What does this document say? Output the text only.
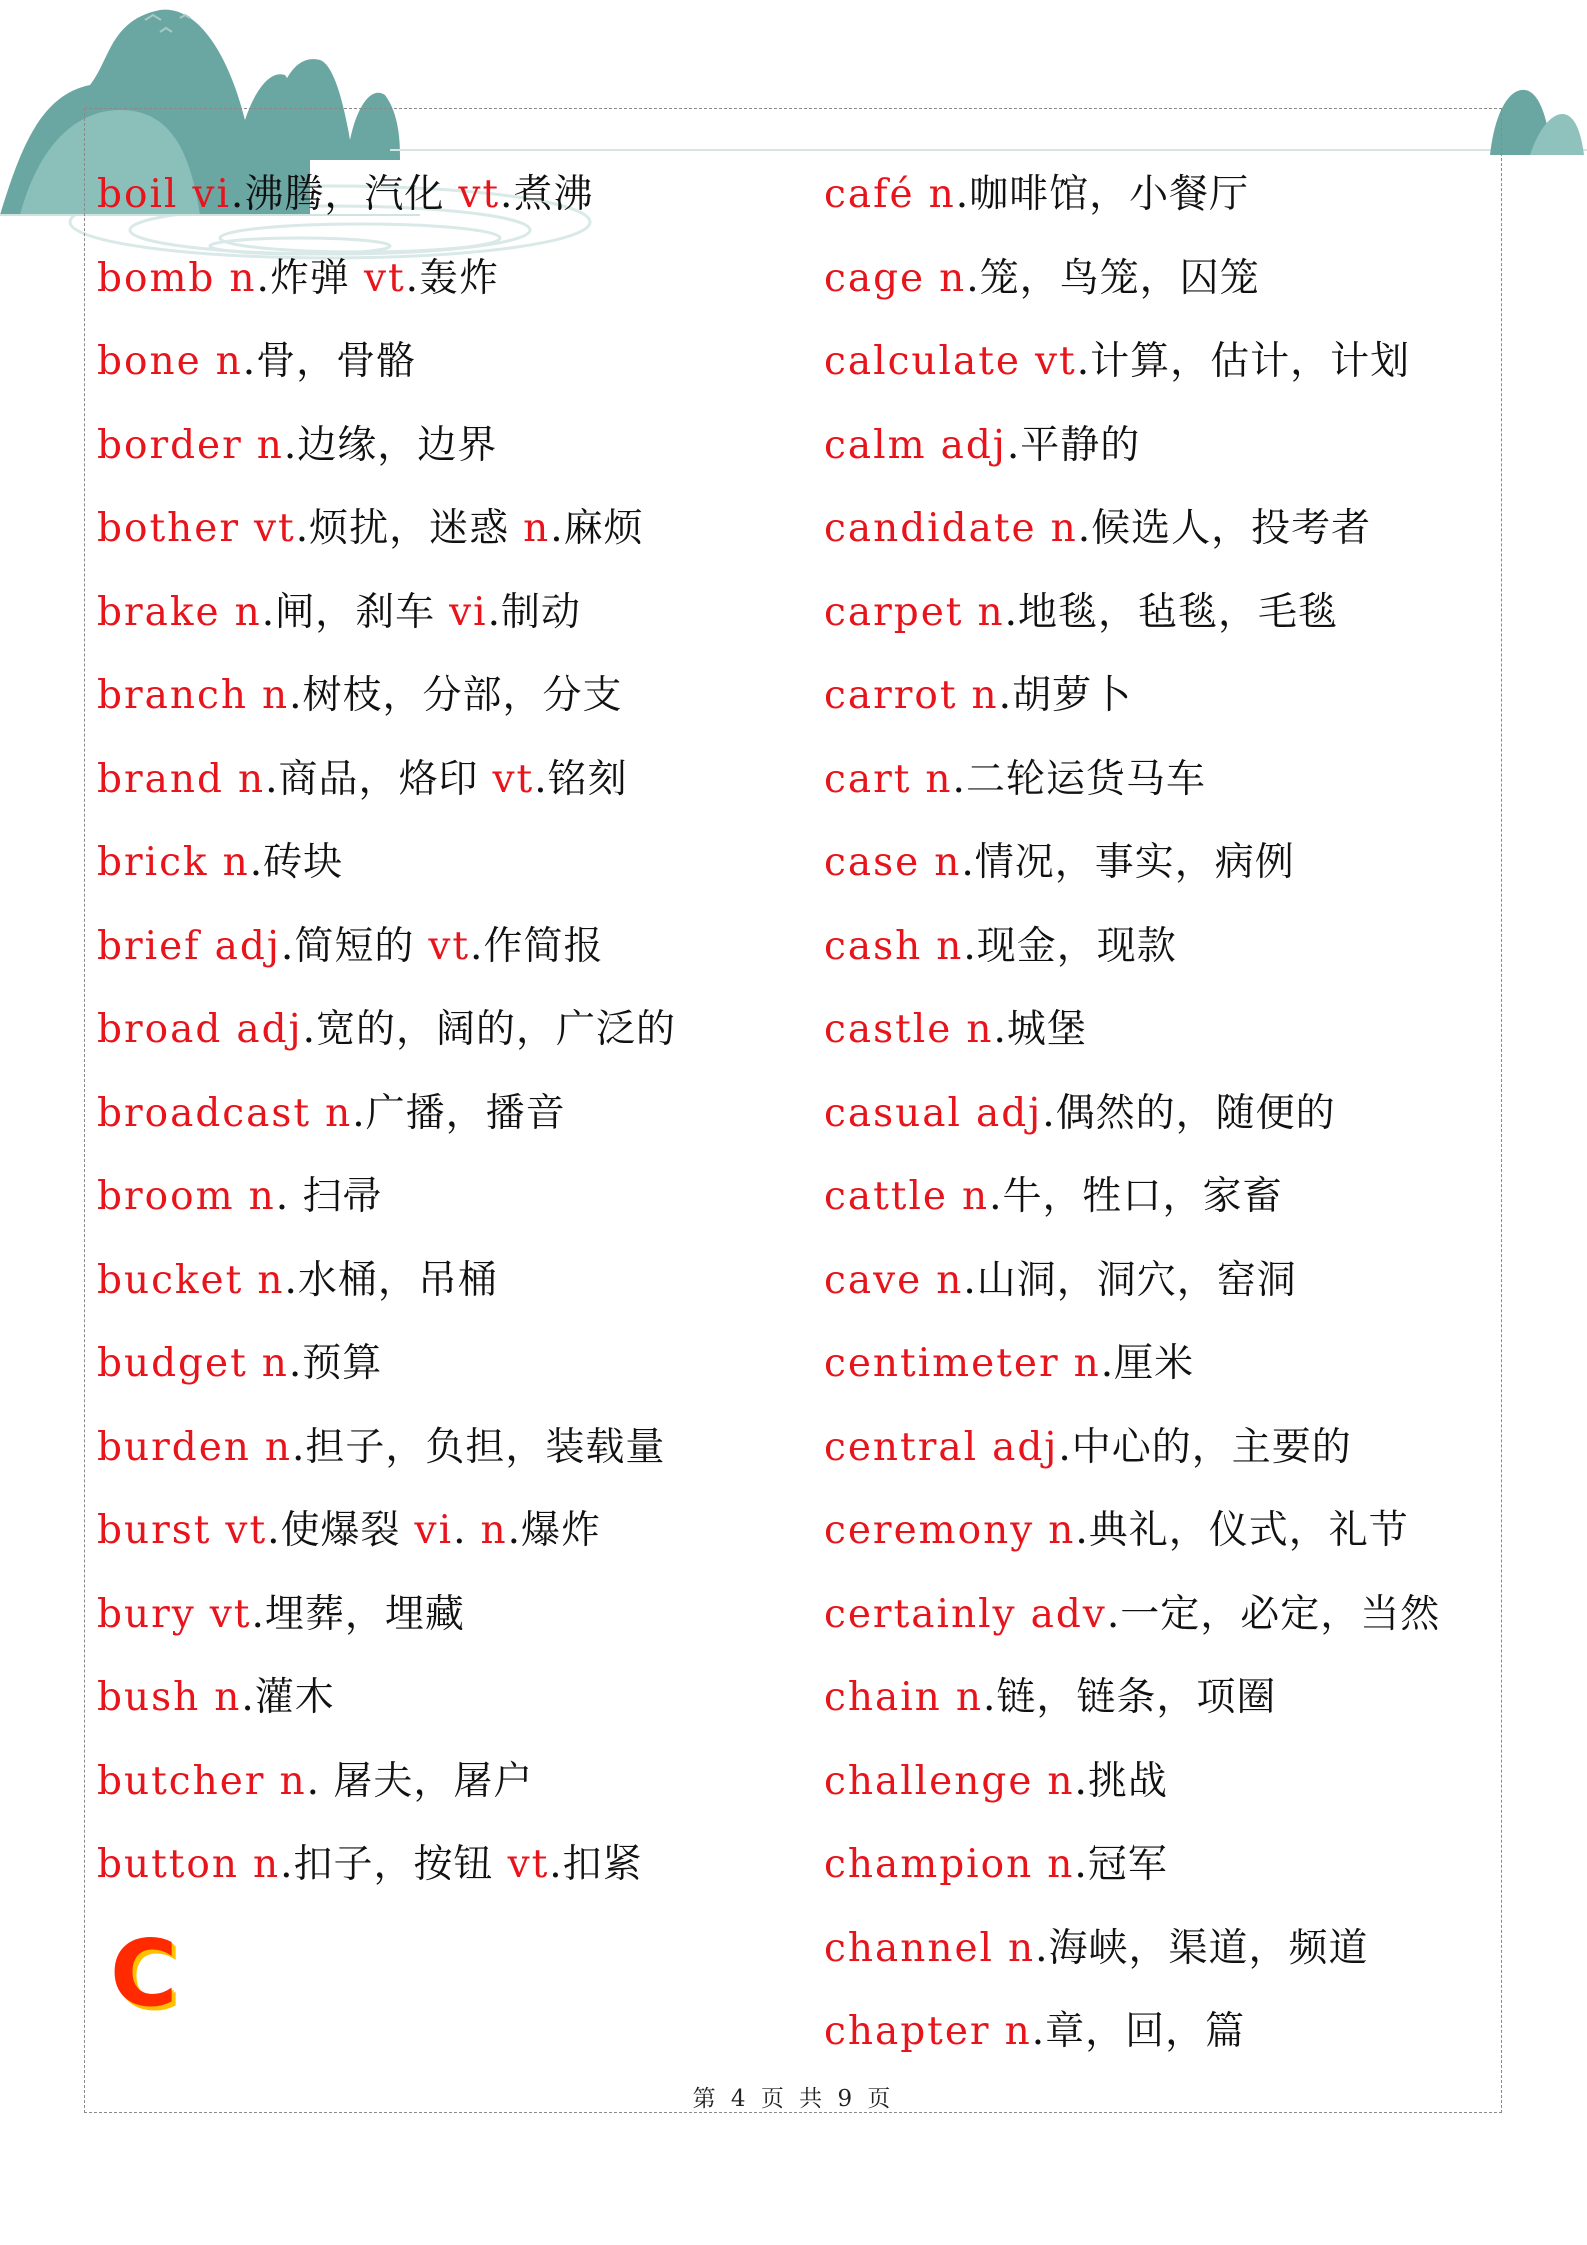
boil vi.沸腾，汽化 vt.煮沸
bomb n.炸弹 vt.轰炸
bone n.骨，骨骼
border n.边缘，边界
bother vt.烦扰，迷惑 n.麻烦
brake n.闸，刹车 vi.制动
branch n.树枝，分部，分支
brand n.商品，烙印 vt.铭刻
brick n.砖块
brief adj.简短的 vt.作简报
broad adj.宽的，阔的，广泛的
broadcast n.广播，播音
broom n. 扫帚
bucket n.水桶，吊桶
budget n.预算
burden n.担子，负担，装载量
burst vt.使爆裂 vi. n.爆炸
bury vt.埋葬，埋藏
bush n.灌木
butcher n. 屠夫，屠户
button n.扣子，按钮 vt.扣紧
café n.咖啡馆，小餐厅
cage n.笼，鸟笼，囚笼
calculate vt.计算，估计，计划
calm adj.平静的
candidate n.候选人，投考者
carpet n.地毯，毡毯，毛毯
carrot n.胡萝卜
cart n.二轮运货马车
case n.情况，事实，病例
cash n.现金，现款
castle n.城堡
casual adj.偶然的，随便的
cattle n.牛，牲口，家畜
cave n.山洞，洞穴，窑洞
centimeter n.厘米
central adj.中心的，主要的
ceremony n.典礼，仪式，礼节
certainly adv.一定，必定，当然
chain n.链，链条，项圈
challenge n.挑战
champion n.冠军
channel n.海峡，渠道，频道
chapter n.章，回，篇
C
第 4 页 共 9 页
